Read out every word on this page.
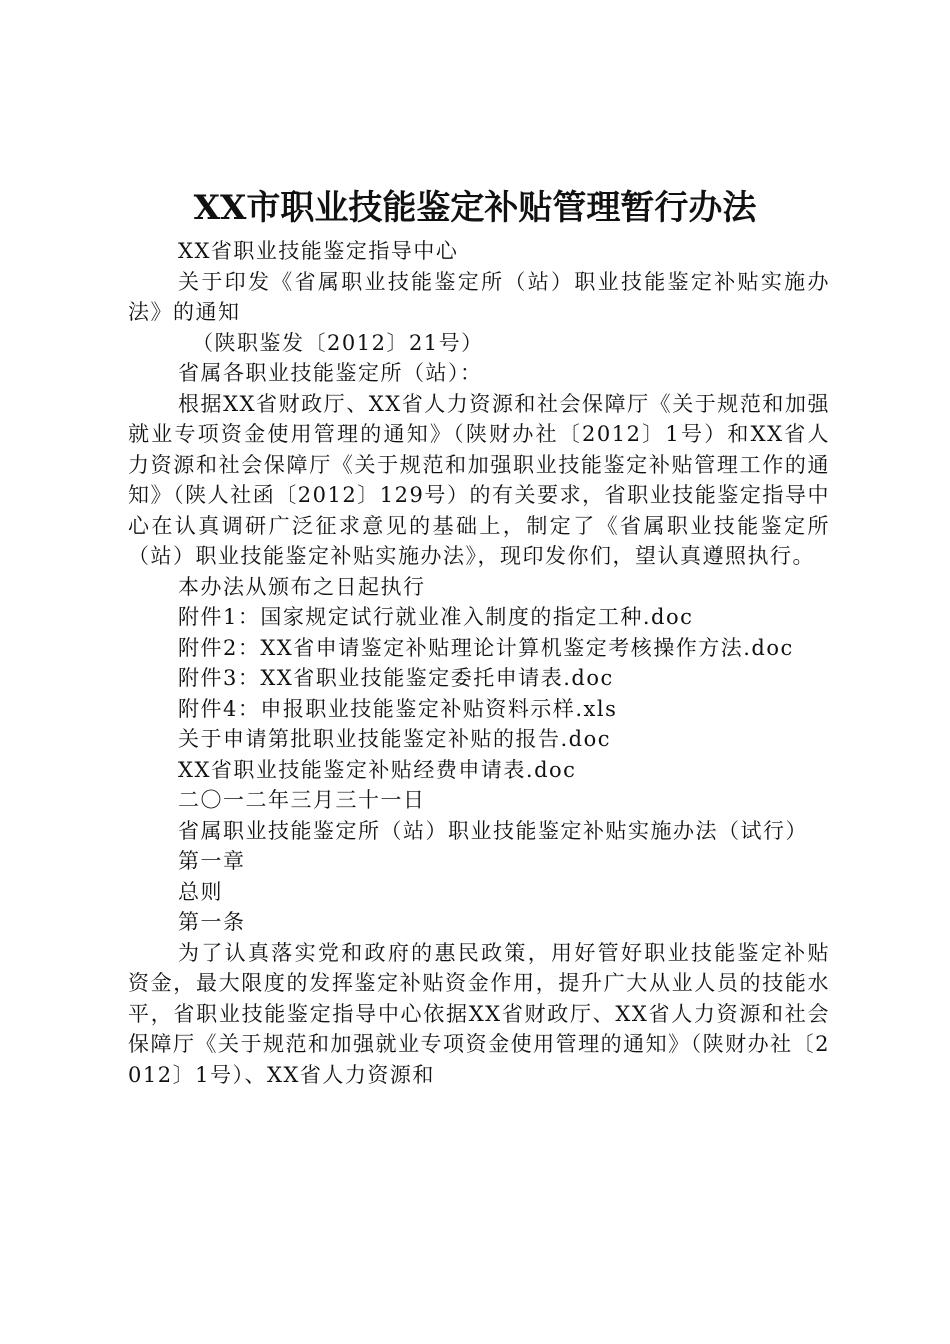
XX市职业技能鉴定补贴管理暂行办法

XX省职业技能鉴定指导中心

关于印发《省属职业技能鉴定所（站）职业技能鉴定补贴实施办法》的通知

（陕职鉴发〔2012〕21号）

省属各职业技能鉴定所（站）：

根据XX省财政厅、XX省人力资源和社会保障厅《关于规范和加强就业专项资金使用管理的通知》（陕财办社〔2012〕1号）和XX省人力资源和社会保障厅《关于规范和加强职业技能鉴定补贴管理工作的通知》（陕人社函〔2012〕129号）的有关要求，省职业技能鉴定指导中心在认真调研广泛征求意见的基础上，制定了《省属职业技能鉴定所（站）职业技能鉴定补贴实施办法》，现印发你们，望认真遵照执行。

本办法从颁布之日起执行

附件1：国家规定试行就业准入制度的指定工种.doc

附件2：XX省申请鉴定补贴理论计算机鉴定考核操作方法.doc

附件3：XX省职业技能鉴定委托申请表.doc

附件4：申报职业技能鉴定补贴资料示样.xls

关于申请第批职业技能鉴定补贴的报告.doc

XX省职业技能鉴定补贴经费申请表.doc

二〇一二年三月三十一日

省属职业技能鉴定所（站）职业技能鉴定补贴实施办法（试行）

第一章

总则

第一条

为了认真落实党和政府的惠民政策，用好管好职业技能鉴定补贴资金，最大限度的发挥鉴定补贴资金作用，提升广大从业人员的技能水平，省职业技能鉴定指导中心依据XX省财政厅、XX省人力资源和社会保障厅《关于规范和加强就业专项资金使用管理的通知》（陕财办社〔2012〕1号）、XX省人力资源和
